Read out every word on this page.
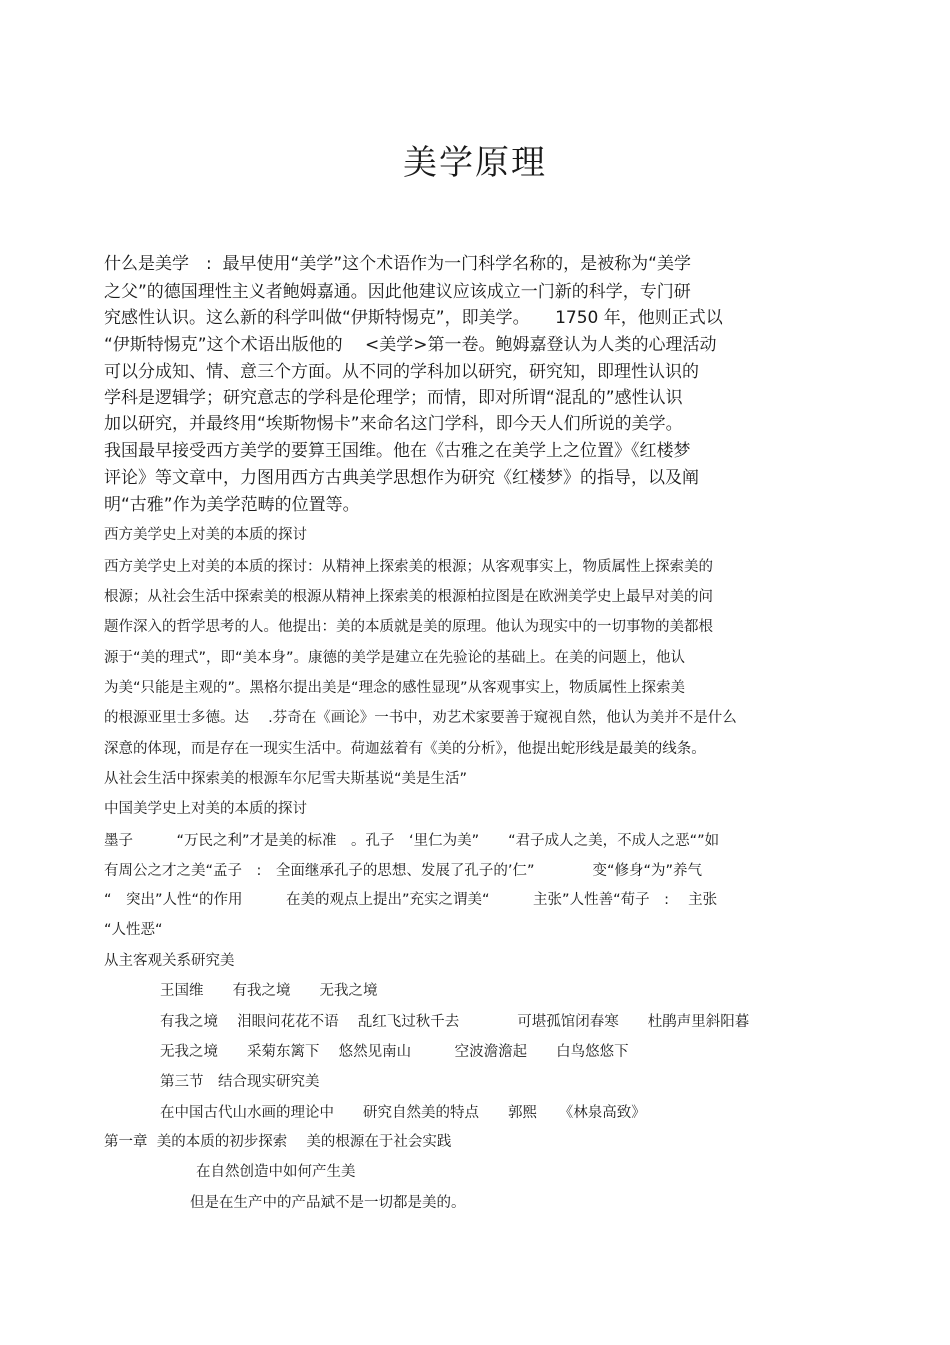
美学原理
什么是美学　:  最早使用“美学”这个术语作为一门科学名称的，是被称为“美学
之父”的德国理性主义者鲍姆嘉通。因此他建议应该成立一门新的科学，专门研
究感性认识。这么新的科学叫做“伊斯特惕克”，即美学。　　1750 年，他则正式以
“伊斯特惕克”这个术语出版他的　 <美学>第一卷。鲍姆嘉登认为人类的心理活动
可以分成知、情、意三个方面。从不同的学科加以研究，研究知，即理性认识的
学科是逻辑学；研究意志的学科是伦理学；而情，即对所谓“混乱的”感性认识
加以研究，并最终用“埃斯物惕卡”来命名这门学科，即今天人们所说的美学。
我国最早接受西方美学的要算王国维。他在《古雅之在美学上之位置》《红楼梦
评论》等文章中，力图用西方古典美学思想作为研究《红楼梦》的指导，以及阐
明“古雅”作为美学范畴的位置等。
西方美学史上对美的本质的探讨
西方美学史上对美的本质的探讨：从精神上探索美的根源；从客观事实上，物质属性上探索美的
根源；从社会生活中探索美的根源从精神上探索美的根源柏拉图是在欧洲美学史上最早对美的问
题作深入的哲学思考的人。他提出：美的本质就是美的原理。他认为现实中的一切事物的美都根
源于“美的理式”，即“美本身”。康德的美学是建立在先验论的基础上。在美的问题上，他认
为美“只能是主观的”。黑格尔提出美是“理念的感性显现”从客观事实上，物质属性上探索美
的根源亚里士多德。达　 .芬奇在《画论》一书中，劝艺术家要善于窥视自然，他认为美并不是什么
深意的体现，而是存在一现实生活中。荷迦兹着有《美的分析》，他提出蛇形线是最美的线条。
从社会生活中探索美的根源车尔尼雪夫斯基说“美是生活”
中国美学史上对美的本质的探讨
墨子　　　“万民之利”才是美的标准　。孔子　‘里仁为美”　　“君子成人之美，不成人之恶“”如
有周公之才之美“孟子　:　全面继承孔子的思想、发展了孔子的’仁”　　　　变“修身“为”养气
“　突出”人性“的作用　　　在美的观点上提出”充实之谓美“　　　主张”人性善“荀子　:　 主张
“人性恶“
从主客观关系研究美
王国维　　有我之境　　无我之境
有我之境　 泪眼问花花不语　 乱红飞过秋千去　　　　可堪孤馆闭春寒　　杜鹃声里斜阳暮
无我之境　　采菊东篱下　 悠然见南山　　　空波澹澹起　　白鸟悠悠下
第三节　结合现实研究美
在中国古代山水画的理论中　　研究自然美的特点　　郭熙　　《林泉高致》
第一章  美的本质的初步探索　 美的根源在于社会实践
在自然创造中如何产生美
但是在生产中的产品斌不是一切都是美的。
